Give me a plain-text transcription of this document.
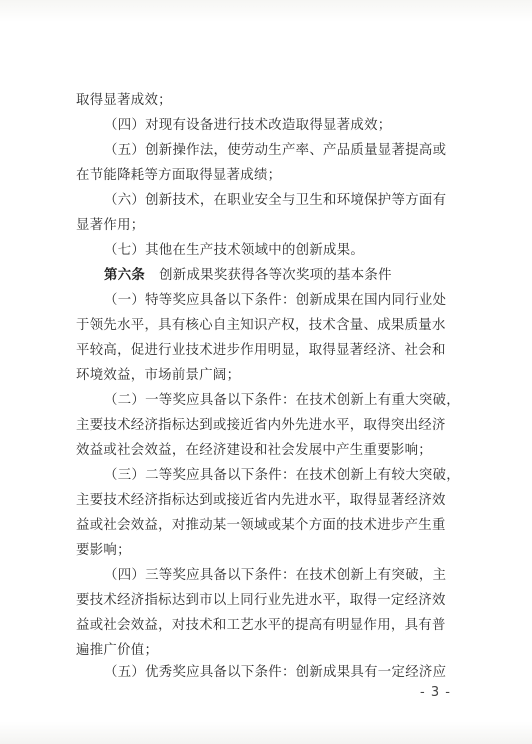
取得显著成效；
（四）对现有设备进行技术改造取得显著成效；
（五）创新操作法，使劳动生产率、产品质量显著提高或
在节能降耗等方面取得显著成绩；
（六）创新技术，在职业安全与卫生和环境保护等方面有
显著作用；
（七）其他在生产技术领域中的创新成果。
第六条 创新成果奖获得各等次奖项的基本条件
（一）特等奖应具备以下条件：创新成果在国内同行业处
于领先水平，具有核心自主知识产权，技术含量、成果质量水
平较高，促进行业技术进步作用明显，取得显著经济、社会和
环境效益，市场前景广阔；
（二）一等奖应具备以下条件：在技术创新上有重大突破，
主要技术经济指标达到或接近省内外先进水平，取得突出经济
效益或社会效益，在经济建设和社会发展中产生重要影响；
（三）二等奖应具备以下条件：在技术创新上有较大突破，
主要技术经济指标达到或接近省内先进水平，取得显著经济效
益或社会效益，对推动某一领域或某个方面的技术进步产生重
要影响；
（四）三等奖应具备以下条件：在技术创新上有突破，主
要技术经济指标达到市以上同行业先进水平，取得一定经济效
益或社会效益，对技术和工艺水平的提高有明显作用，具有普
遍推广价值；
（五）优秀奖应具备以下条件：创新成果具有一定经济应
- 3 -
